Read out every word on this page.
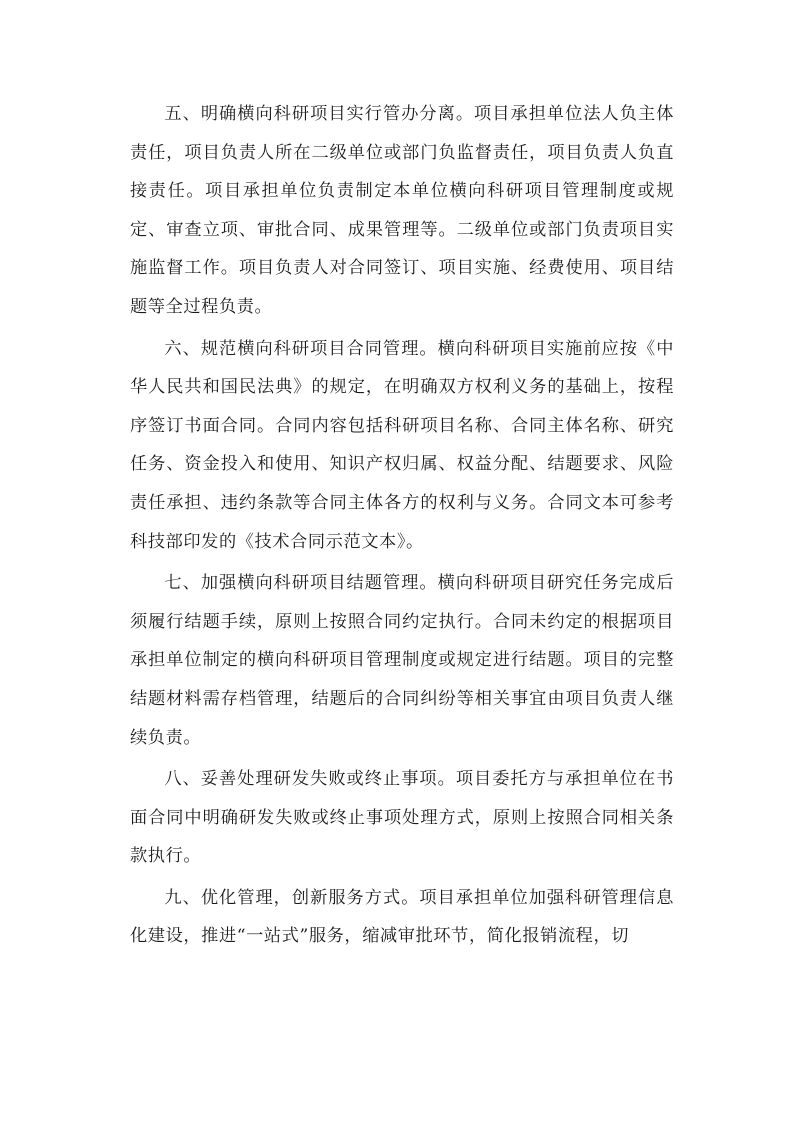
五、明确横向科研项目实行管办分离。项目承担单位法人负主体责任，项目负责人所在二级单位或部门负监督责任，项目负责人负直接责任。项目承担单位负责制定本单位横向科研项目管理制度或规定、审查立项、审批合同、成果管理等。二级单位或部门负责项目实施监督工作。项目负责人对合同签订、项目实施、经费使用、项目结题等全过程负责。

六、规范横向科研项目合同管理。横向科研项目实施前应按《中华人民共和国民法典》的规定，在明确双方权利义务的基础上，按程序签订书面合同。合同内容包括科研项目名称、合同主体名称、研究任务、资金投入和使用、知识产权归属、权益分配、结题要求、风险责任承担、违约条款等合同主体各方的权利与义务。合同文本可参考科技部印发的《技术合同示范文本》。

七、加强横向科研项目结题管理。横向科研项目研究任务完成后须履行结题手续，原则上按照合同约定执行。合同未约定的根据项目承担单位制定的横向科研项目管理制度或规定进行结题。项目的完整结题材料需存档管理，结题后的合同纠纷等相关事宜由项目负责人继续负责。

八、妥善处理研发失败或终止事项。项目委托方与承担单位在书面合同中明确研发失败或终止事项处理方式，原则上按照合同相关条款执行。

九、优化管理，创新服务方式。项目承担单位加强科研管理信息化建设，推进“一站式”服务，缩减审批环节，简化报销流程，切
